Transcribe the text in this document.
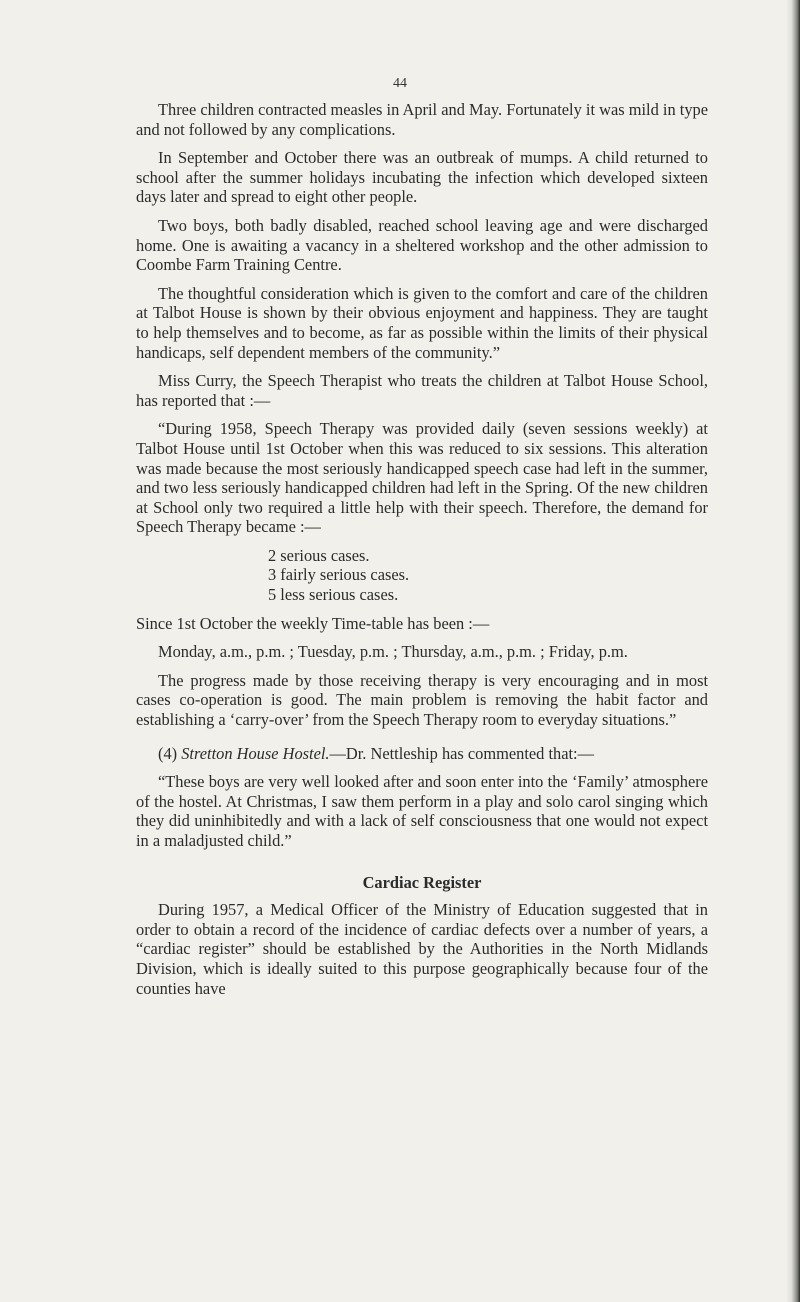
44

Three children contracted measles in April and May. Fortunately it was mild in type and not followed by any complications.

In September and October there was an outbreak of mumps. A child returned to school after the summer holidays incubating the infection which developed sixteen days later and spread to eight other people.

Two boys, both badly disabled, reached school leaving age and were discharged home. One is awaiting a vacancy in a sheltered workshop and the other admission to Coombe Farm Training Centre.

The thoughtful consideration which is given to the comfort and care of the children at Talbot House is shown by their obvious enjoyment and happiness. They are taught to help themselves and to become, as far as possible within the limits of their physical handicaps, self dependent members of the community.”

Miss Curry, the Speech Therapist who treats the children at Talbot House School, has reported that :—

“During 1958, Speech Therapy was provided daily (seven sessions weekly) at Talbot House until 1st October when this was reduced to six sessions. This alteration was made because the most seriously handicapped speech case had left in the summer, and two less seriously handicapped children had left in the Spring. Of the new children at School only two required a little help with their speech. Therefore, the demand for Speech Therapy became :—

2 serious cases.
3 fairly serious cases.
5 less serious cases.

Since 1st October the weekly Time-table has been :—

Monday, a.m., p.m. ; Tuesday, p.m. ; Thursday, a.m., p.m. ; Friday, p.m.

The progress made by those receiving therapy is very encouraging and in most cases co-operation is good. The main problem is removing the habit factor and establishing a ‘carry-over’ from the Speech Therapy room to everyday situations.”

(4) Stretton House Hostel.—Dr. Nettleship has commented that:—

“These boys are very well looked after and soon enter into the ‘Family’ atmosphere of the hostel. At Christmas, I saw them perform in a play and solo carol singing which they did uninhibitedly and with a lack of self consciousness that one would not expect in a maladjusted child.”

Cardiac Register

During 1957, a Medical Officer of the Ministry of Education suggested that in order to obtain a record of the incidence of cardiac defects over a number of years, a “cardiac register” should be established by the Authorities in the North Midlands Division, which is ideally suited to this purpose geographically because four of the counties have
